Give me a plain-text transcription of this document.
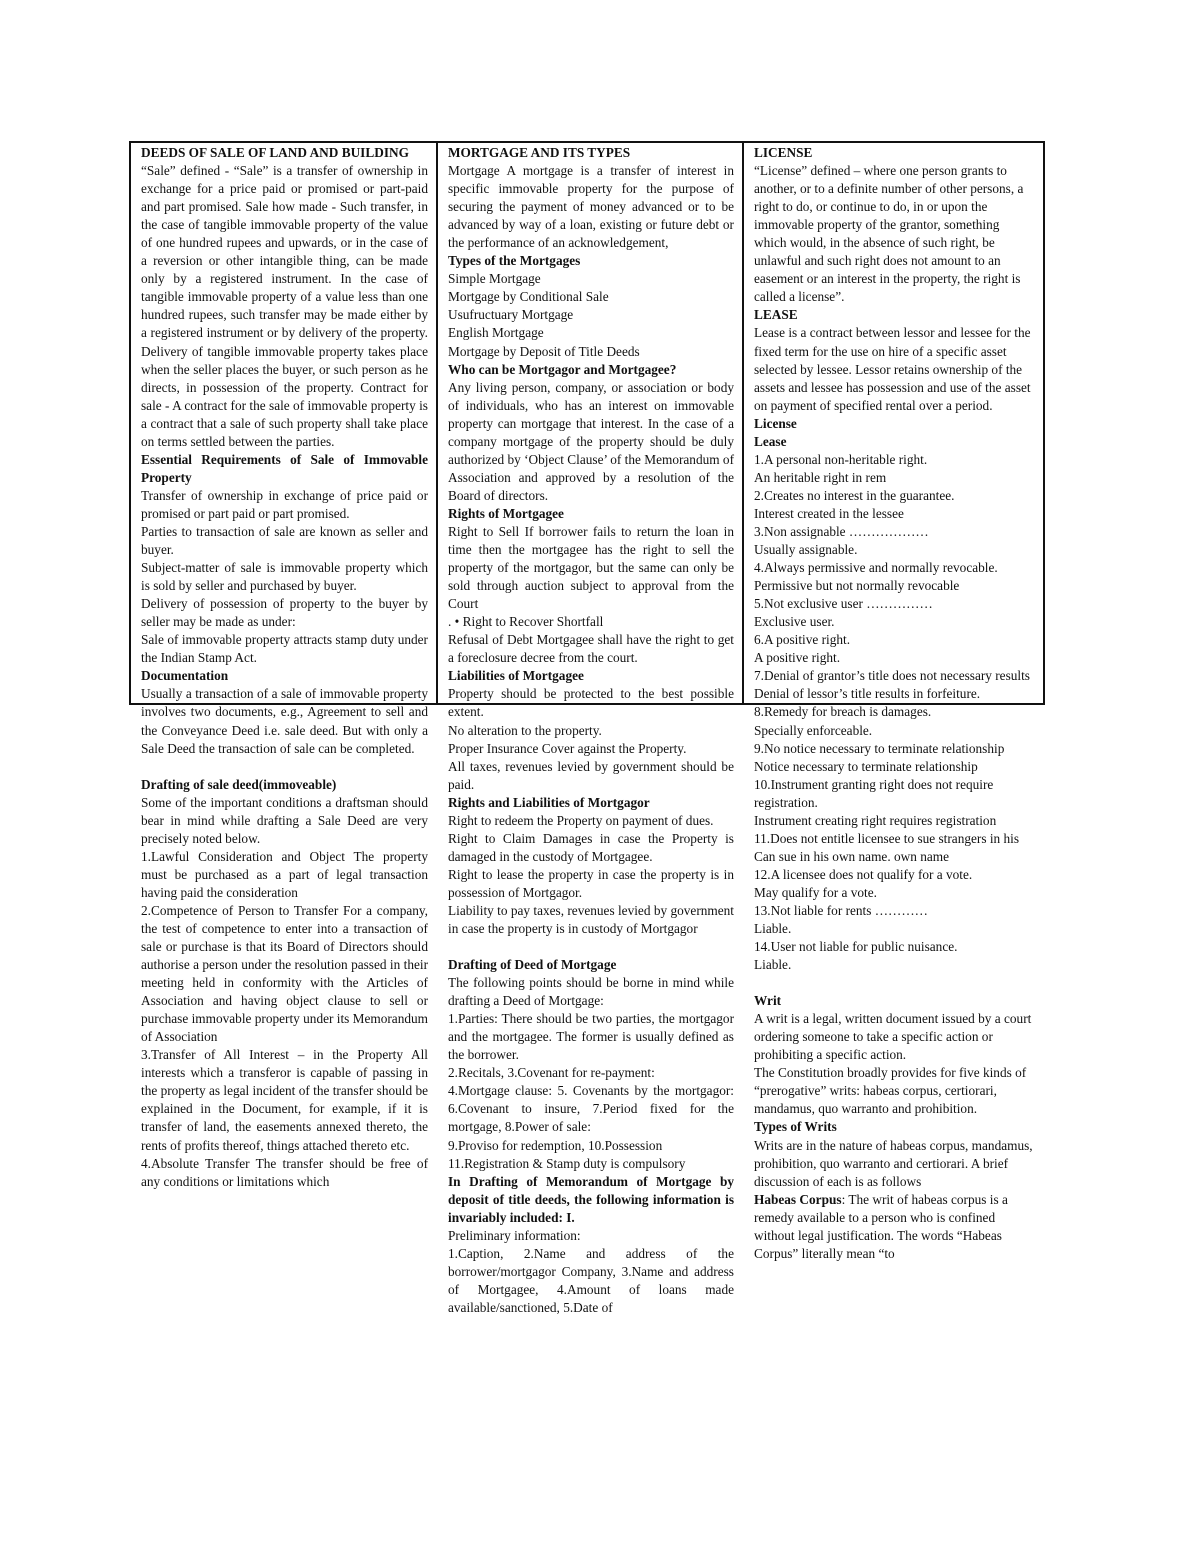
DEEDS OF SALE OF LAND AND BUILDING

“Sale” defined - “Sale” is a transfer of ownership in exchange for a price paid or promised or part-paid and part promised. Sale how made - Such transfer, in the case of tangible immovable property of the value of one hundred rupees and upwards, or in the case of a reversion or other intangible thing, can be made only by a registered instrument. In the case of tangible immovable property of a value less than one hundred rupees, such transfer may be made either by a registered instrument or by delivery of the property. Delivery of tangible immovable property takes place when the seller places the buyer, or such person as he directs, in possession of the property. Contract for sale - A contract for the sale of immovable property is a contract that a sale of such property shall take place on terms settled between the parties.

Essential Requirements of Sale of Immovable Property

Transfer of ownership in exchange of price paid or promised or part paid or part promised.

Parties to transaction of sale are known as seller and buyer.

Subject-matter of sale is immovable property which is sold by seller and purchased by buyer.

Delivery of possession of property to the buyer by seller may be made as under:

Sale of immovable property attracts stamp duty under the Indian Stamp Act.

Documentation

Usually a transaction of a sale of immovable property involves two documents, e.g., Agreement to sell and the Conveyance Deed i.e. sale deed. But with only a Sale Deed the transaction of sale can be completed.

Drafting of sale deed(immoveable)

Some of the important conditions a draftsman should bear in mind while drafting a Sale Deed are very precisely noted below.

1.Lawful Consideration and Object The property must be purchased as a part of legal transaction having paid the consideration

2.Competence of Person to Transfer For a company, the test of competence to enter into a transaction of sale or purchase is that its Board of Directors should authorise a person under the resolution passed in their meeting held in conformity with the Articles of Association and having object clause to sell or purchase immovable property under its Memorandum of Association

3.Transfer of All Interest – in the Property All interests which a transferor is capable of passing in the property as legal incident of the transfer should be explained in the Document, for example, if it is transfer of land, the easements annexed thereto, the rents of profits thereof, things attached thereto etc.

4.Absolute Transfer The transfer should be free of any conditions or limitations which

MORTGAGE AND ITS TYPES

Mortgage A mortgage is a transfer of interest in specific immovable property for the purpose of securing the payment of money advanced or to be advanced by way of a loan, existing or future debt or the performance of an acknowledgement,

Types of the Mortgages

Simple Mortgage

Mortgage by Conditional Sale

Usufructuary Mortgage

English Mortgage

Mortgage by Deposit of Title Deeds

Who can be Mortgagor and Mortgagee?

Any living person, company, or association or body of individuals, who has an interest on immovable property can mortgage that interest. In the case of a company mortgage of the property should be duly authorized by ‘Object Clause’ of the Memorandum of Association and approved by a resolution of the Board of directors.

Rights of Mortgagee

Right to Sell If borrower fails to return the loan in time then the mortgagee has the right to sell the property of the mortgagor, but the same can only be sold through auction subject to approval from the Court

. • Right to Recover Shortfall

Refusal of Debt Mortgagee shall have the right to get a foreclosure decree from the court.

Liabilities of Mortgagee

Property should be protected to the best possible extent.

No alteration to the property.

Proper Insurance Cover against the Property.

All taxes, revenues levied by government should be paid.

Rights and Liabilities of Mortgagor

Right to redeem the Property on payment of dues.

Right to Claim Damages in case the Property is damaged in the custody of Mortgagee.

Right to lease the property in case the property is in possession of Mortgagor.

Liability to pay taxes, revenues levied by government in case the property is in custody of Mortgagor

Drafting of Deed of Mortgage

The following points should be borne in mind while drafting a Deed of Mortgage:

1.Parties: There should be two parties, the mortgagor and the mortgagee. The former is usually defined as the borrower.

2.Recitals, 3.Covenant for re-payment:

4.Mortgage clause: 5. Covenants by the mortgagor: 6.Covenant to insure, 7.Period fixed for the mortgage, 8.Power of sale:

9.Proviso for redemption, 10.Possession

11.Registration & Stamp duty is compulsory

In Drafting of Memorandum of Mortgage by deposit of title deeds, the following information is invariably included: I.

Preliminary information:

1.Caption, 2.Name and address of the borrower/mortgagor Company, 3.Name and address of Mortgagee, 4.Amount of loans made available/sanctioned, 5.Date of

LICENSE

“License” defined – where one person grants to another, or to a definite number of other persons, a right to do, or continue to do, in or upon the immovable property of the grantor, something which would, in the absence of such right, be unlawful and such right does not amount to an easement or an interest in the property, the right is called a license”.

LEASE

Lease is a contract between lessor and lessee for the fixed term for the use on hire of a specific asset selected by lessee. Lessor retains ownership of the assets and lessee has possession and use of the asset on payment of specified rental over a period.

License

Lease

1.A personal non-heritable right.

An heritable right in rem

2.Creates no interest in the guarantee.

Interest created in the lessee

3.Non assignable ………………

Usually assignable.

4.Always permissive and normally revocable.

Permissive but not normally revocable

5.Not exclusive user ……………

Exclusive user.

6.A positive right.

A positive right.

7.Denial of grantor’s title does not necessary results

Denial of lessor’s title results in forfeiture.

8.Remedy for breach is damages.

Specially enforceable.

9.No notice necessary to terminate relationship

Notice necessary to terminate relationship

10.Instrument granting right does not require registration.

Instrument creating right requires registration

11.Does not entitle licensee to sue strangers in his

Can sue in his own name. own name

12.A licensee does not qualify for a vote.

May qualify for a vote.

13.Not liable for rents …………

Liable.

14.User not liable for public nuisance.

Liable.

Writ

A writ is a legal, written document issued by a court ordering someone to take a specific action or prohibiting a specific action.

The Constitution broadly provides for five kinds of “prerogative” writs: habeas corpus, certiorari, mandamus, quo warranto and prohibition.

Types of Writs

Writs are in the nature of habeas corpus, mandamus, prohibition, quo warranto and certiorari. A brief discussion of each is as follows

Habeas Corpus: The writ of habeas corpus is a remedy available to a person who is confined without legal justification. The words “Habeas Corpus” literally mean “to
